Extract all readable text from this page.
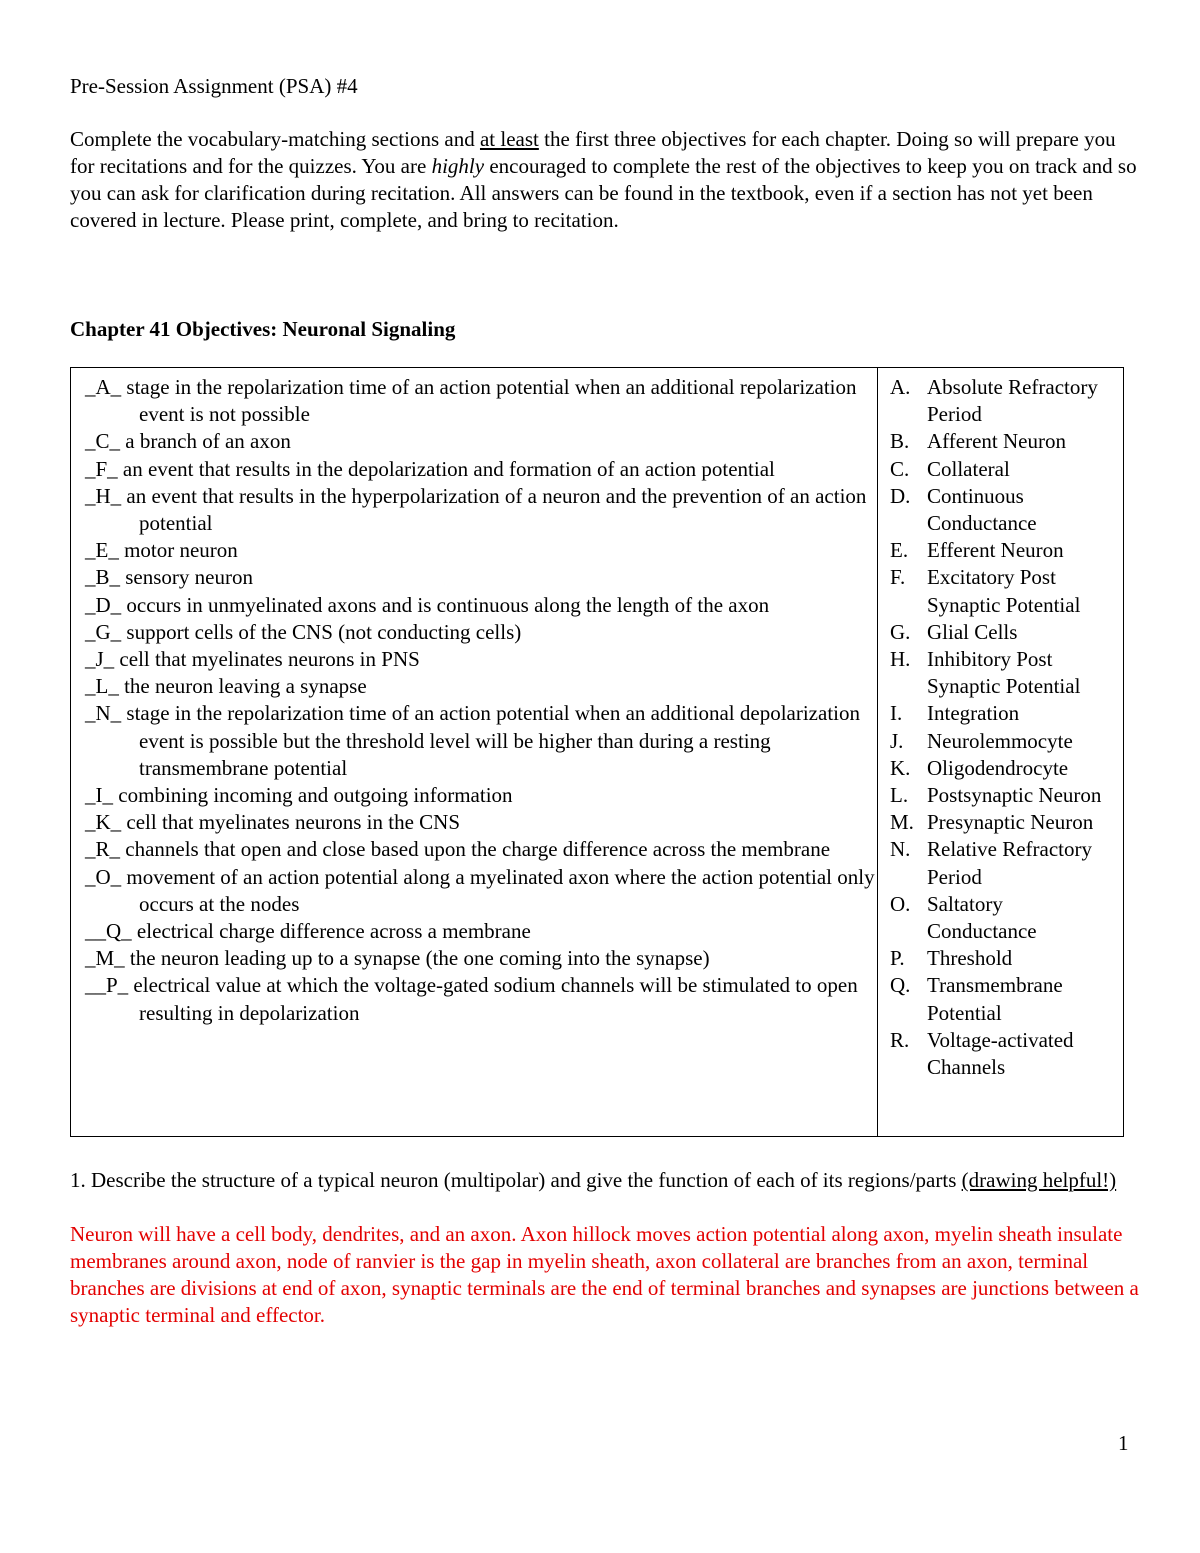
Pre-Session Assignment (PSA) #4

Complete the vocabulary-matching sections and at least the first three objectives for each chapter. Doing so will prepare you for recitations and for the quizzes. You are highly encouraged to complete the rest of the objectives to keep you on track and so you can ask for clarification during recitation. All answers can be found in the textbook, even if a section has not yet been covered in lecture. Please print, complete, and bring to recitation.

Chapter 41 Objectives: Neuronal Signaling

_A_ stage in the repolarization time of an action potential when an additional repolarization event is not possible
_C_ a branch of an axon
_F_ an event that results in the depolarization and formation of an action potential
_H_ an event that results in the hyperpolarization of a neuron and the prevention of an action potential
_E_ motor neuron
_B_ sensory neuron
_D_ occurs in unmyelinated axons and is continuous along the length of the axon
_G_ support cells of the CNS (not conducting cells)
_J_ cell that myelinates neurons in PNS
_L_ the neuron leaving a synapse
_N_ stage in the repolarization time of an action potential when an additional depolarization event is possible but the threshold level will be higher than during a resting transmembrane potential
_I_ combining incoming and outgoing information
_K_ cell that myelinates neurons in the CNS
_R_ channels that open and close based upon the charge difference across the membrane
_O_ movement of an action potential along a myelinated axon where the action potential only occurs at the nodes
__Q_ electrical charge difference across a membrane
_M_ the neuron leading up to a synapse (the one coming into the synapse)
__P_ electrical value at which the voltage-gated sodium channels will be stimulated to open resulting in depolarization
A. Absolute Refractory Period
B. Afferent Neuron
C. Collateral
D. Continuous Conductance
E. Efferent Neuron
F.	Excitatory Post Synaptic Potential
G. Glial Cells
H. Inhibitory Post Synaptic Potential
I.	Integration
J.	Neurolemmocyte
K. Oligodendrocyte
L. Postsynaptic Neuron
M. Presynaptic Neuron
N. Relative Refractory Period
O. Saltatory Conductance
P.	Threshold
Q. Transmembrane Potential
R. Voltage-activated Channels

1. Describe the structure of a typical neuron (multipolar) and give the function of each of its regions/parts (drawing helpful!)

Neuron will have a cell body, dendrites, and an axon. Axon hillock moves action potential along axon, myelin sheath insulate membranes around axon, node of ranvier is the gap in myelin sheath, axon collateral are branches from an axon, terminal branches are divisions at end of axon, synaptic terminals are the end of terminal branches and synapses are junctions between a synaptic terminal and effector.

1
